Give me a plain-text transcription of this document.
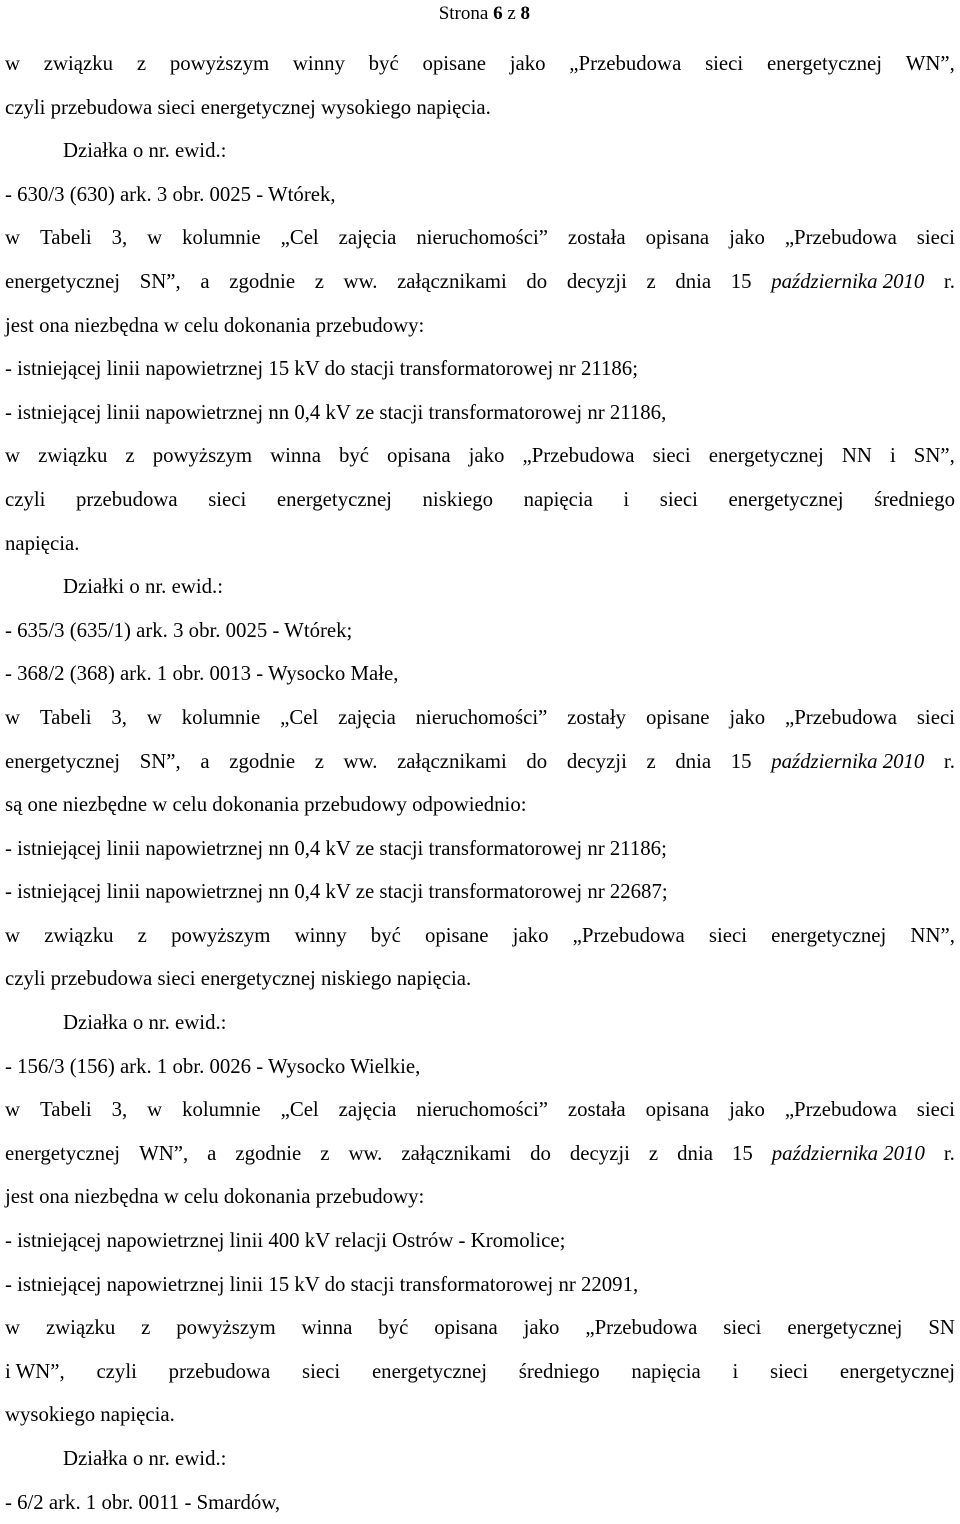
Strona 6 z 8
w związku z powyższym winny być opisane jako „Przebudowa sieci energetycznej WN”,
czyli przebudowa sieci energetycznej wysokiego napięcia.
Działka o nr. ewid.:
- 630/3 (630) ark. 3 obr. 0025 - Wtórek,
w Tabeli 3, w kolumnie „Cel zajęcia nieruchomości” została opisana jako „Przebudowa sieci
energetycznej SN”, a zgodnie z ww. załącznikami do decyzji z dnia 15 października 2010 r.
jest ona niezbędna w celu dokonania przebudowy:
- istniejącej linii napowietrznej 15 kV do stacji transformatorowej nr 21186;
- istniejącej linii napowietrznej nn 0,4 kV ze stacji transformatorowej nr 21186,
w związku z powyższym winna być opisana jako „Przebudowa sieci energetycznej NN i SN”,
czyli przebudowa sieci energetycznej niskiego napięcia i sieci energetycznej średniego
napięcia.
Działki o nr. ewid.:
- 635/3 (635/1) ark. 3 obr. 0025 - Wtórek;
- 368/2 (368) ark. 1 obr. 0013 - Wysocko Małe,
w Tabeli 3, w kolumnie „Cel zajęcia nieruchomości” zostały opisane jako „Przebudowa sieci
energetycznej SN”, a zgodnie z ww. załącznikami do decyzji z dnia 15 października 2010 r.
są one niezbędne w celu dokonania przebudowy odpowiednio:
- istniejącej linii napowietrznej nn 0,4 kV ze stacji transformatorowej nr 21186;
- istniejącej linii napowietrznej nn 0,4 kV ze stacji transformatorowej nr 22687;
w związku z powyższym winny być opisane jako „Przebudowa sieci energetycznej NN”,
czyli przebudowa sieci energetycznej niskiego napięcia.
Działka o nr. ewid.:
- 156/3 (156) ark. 1 obr. 0026 - Wysocko Wielkie,
w Tabeli 3, w kolumnie „Cel zajęcia nieruchomości” została opisana jako „Przebudowa sieci
energetycznej WN”, a zgodnie z ww. załącznikami do decyzji z dnia 15 października 2010 r.
jest ona niezbędna w celu dokonania przebudowy:
- istniejącej napowietrznej linii 400 kV relacji Ostrów - Kromolice;
- istniejącej napowietrznej linii 15 kV do stacji transformatorowej nr 22091,
w związku z powyższym winna być opisana jako „Przebudowa sieci energetycznej SN
i WN”, czyli przebudowa sieci energetycznej średniego napięcia i sieci energetycznej
wysokiego napięcia.
Działka o nr. ewid.:
- 6/2 ark. 1 obr. 0011 - Smardów,
